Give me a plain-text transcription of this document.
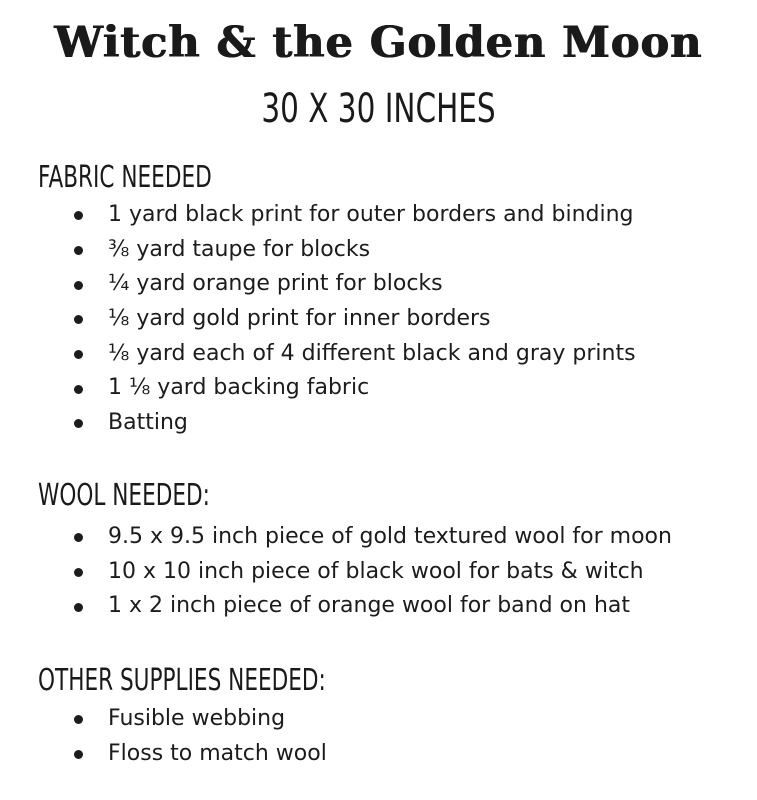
Witch & the Golden Moon
30 X 30 INCHES
FABRIC NEEDED
1 yard black print for outer borders and binding
⅜ yard taupe for blocks
¼ yard orange print for blocks
⅛ yard gold print for inner borders
⅛ yard each of 4 different black and gray prints
1 ⅛ yard backing fabric
Batting
WOOL NEEDED:
9.5 x 9.5 inch piece of gold textured wool for moon
10 x 10 inch piece of black wool for bats & witch
1 x 2 inch piece of orange wool for band on hat
OTHER SUPPLIES NEEDED:
Fusible webbing
Floss to match wool
